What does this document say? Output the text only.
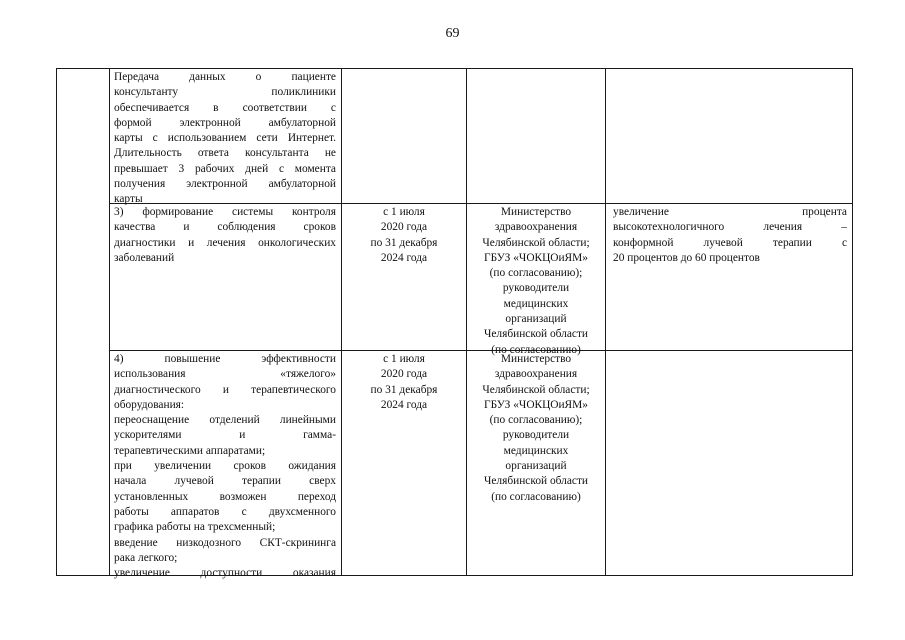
69
Передача данных о пациенте
консультанту поликлиники
обеспечивается в соответствии с
формой электронной амбулаторной
карты с использованием сети Интернет.
Длительность ответа консультанта не
превышает 3 рабочих дней с момента
получения электронной амбулаторной
карты
3) формирование системы контроля
качества и соблюдения сроков
диагностики и лечения онкологических
заболеваний
с 1 июля
2020 года
по 31 декабря
2024 года
Министерство
здравоохранения
Челябинской области;
ГБУЗ «ЧОКЦОиЯМ»
(по согласованию);
руководители
медицинских
организаций
Челябинской области
(по согласованию)
увеличение процента
высокотехнологичного лечения –
конформной лучевой терапии с
20 процентов до 60 процентов
4) повышение эффективности
использования «тяжелого»
диагностического и терапевтического
оборудования:
переоснащение отделений линейными
ускорителями и гамма-
терапевтическими аппаратами;
при увеличении сроков ожидания
начала лучевой терапии сверх
установленных возможен переход
работы аппаратов с двухсменного
графика работы на трехсменный;
введение низкодозного СКТ-скрининга
рака легкого;
увеличение доступности оказания
с 1 июля
2020 года
по 31 декабря
2024 года
Министерство
здравоохранения
Челябинской области;
ГБУЗ «ЧОКЦОиЯМ»
(по согласованию);
руководители
медицинских
организаций
Челябинской области
(по согласованию)
